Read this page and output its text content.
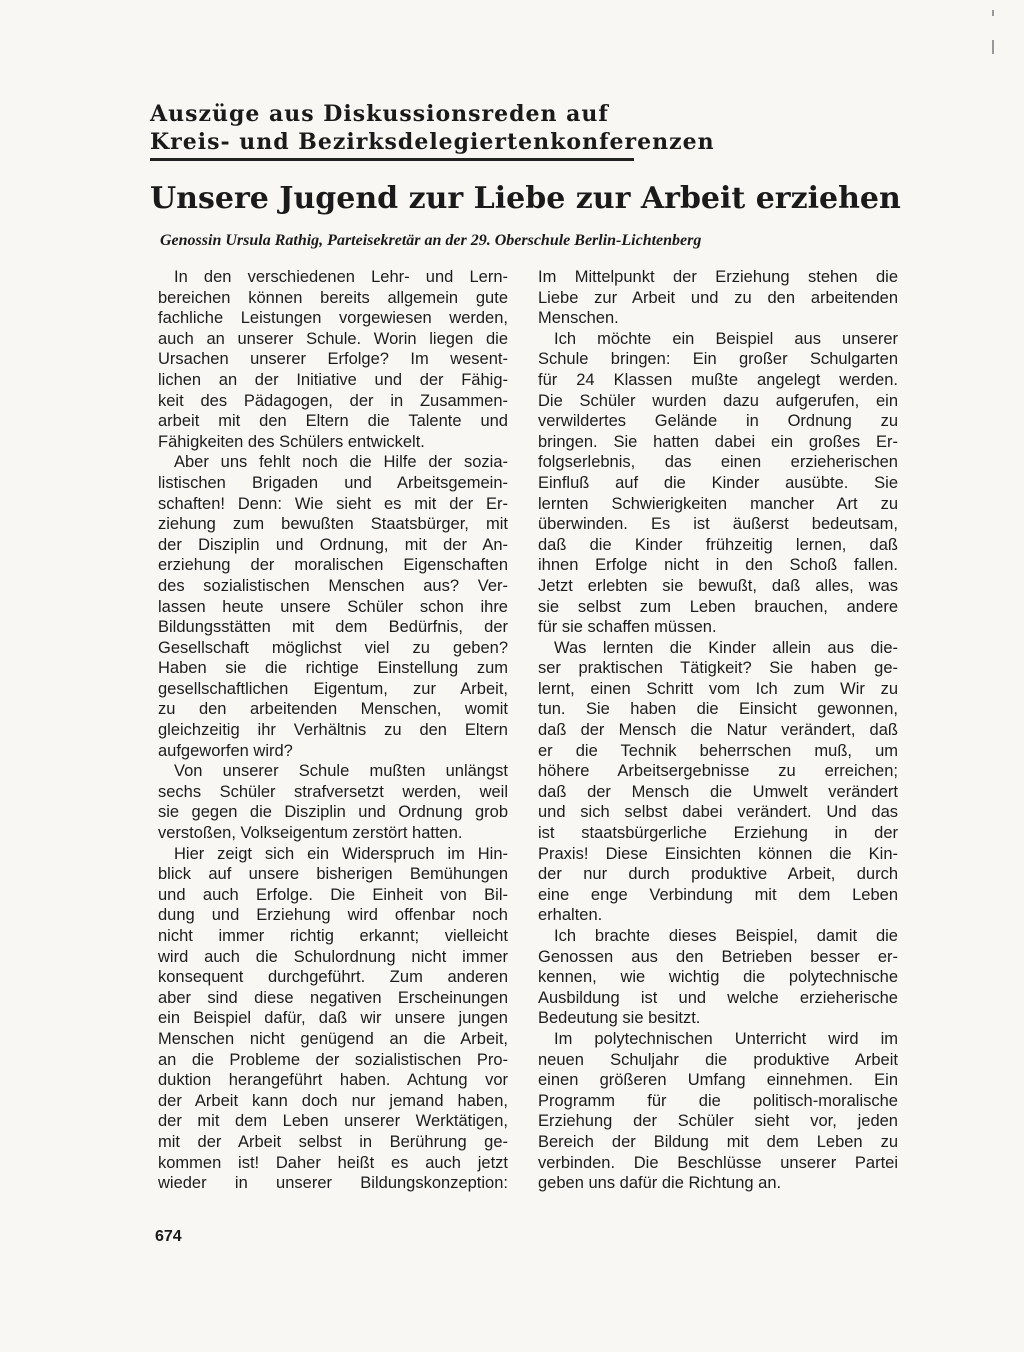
Auszüge aus Diskussionsreden auf
Kreis- und Bezirksdelegiertenkonferenzen
Unsere Jugend zur Liebe zur Arbeit erziehen
Genossin Ursula Rathig, Parteisekretär an der 29. Oberschule Berlin-Lichtenberg
In den verschiedenen Lehr- und Lern-
bereichen können bereits allgemein gute
fachliche Leistungen vorgewiesen werden,
auch an unserer Schule. Worin liegen die
Ursachen unserer Erfolge? Im wesent-
lichen an der Initiative und der Fähig-
keit des Pädagogen, der in Zusammen-
arbeit mit den Eltern die Talente und
Fähigkeiten des Schülers entwickelt.
Aber uns fehlt noch die Hilfe der sozia-
listischen Brigaden und Arbeitsgemein-
schaften! Denn: Wie sieht es mit der Er-
ziehung zum bewußten Staatsbürger, mit
der Disziplin und Ordnung, mit der An-
erziehung der moralischen Eigenschaften
des sozialistischen Menschen aus? Ver-
lassen heute unsere Schüler schon ihre
Bildungsstätten mit dem Bedürfnis, der
Gesellschaft möglichst viel zu geben?
Haben sie die richtige Einstellung zum
gesellschaftlichen Eigentum, zur Arbeit,
zu den arbeitenden Menschen, womit
gleichzeitig ihr Verhältnis zu den Eltern
aufgeworfen wird?
Von unserer Schule mußten unlängst
sechs Schüler strafversetzt werden, weil
sie gegen die Disziplin und Ordnung grob
verstoßen, Volkseigentum zerstört hatten.
Hier zeigt sich ein Widerspruch im Hin-
blick auf unsere bisherigen Bemühungen
und auch Erfolge. Die Einheit von Bil-
dung und Erziehung wird offenbar noch
nicht immer richtig erkannt; vielleicht
wird auch die Schulordnung nicht immer
konsequent durchgeführt. Zum anderen
aber sind diese negativen Erscheinungen
ein Beispiel dafür, daß wir unsere jungen
Menschen nicht genügend an die Arbeit,
an die Probleme der sozialistischen Pro-
duktion herangeführt haben. Achtung vor
der Arbeit kann doch nur jemand haben,
der mit dem Leben unserer Werktätigen,
mit der Arbeit selbst in Berührung ge-
kommen ist! Daher heißt es auch jetzt
wieder in unserer Bildungskonzeption:
Im Mittelpunkt der Erziehung stehen die
Liebe zur Arbeit und zu den arbeitenden
Menschen.
Ich möchte ein Beispiel aus unserer
Schule bringen: Ein großer Schulgarten
für 24 Klassen mußte angelegt werden.
Die Schüler wurden dazu aufgerufen, ein
verwildertes Gelände in Ordnung zu
bringen. Sie hatten dabei ein großes Er-
folgserlebnis, das einen erzieherischen
Einfluß auf die Kinder ausübte. Sie
lernten Schwierigkeiten mancher Art zu
überwinden. Es ist äußerst bedeutsam,
daß die Kinder frühzeitig lernen, daß
ihnen Erfolge nicht in den Schoß fallen.
Jetzt erlebten sie bewußt, daß alles, was
sie selbst zum Leben brauchen, andere
für sie schaffen müssen.
Was lernten die Kinder allein aus die-
ser praktischen Tätigkeit? Sie haben ge-
lernt, einen Schritt vom Ich zum Wir zu
tun. Sie haben die Einsicht gewonnen,
daß der Mensch die Natur verändert, daß
er die Technik beherrschen muß, um
höhere Arbeitsergebnisse zu erreichen;
daß der Mensch die Umwelt verändert
und sich selbst dabei verändert. Und das
ist staatsbürgerliche Erziehung in der
Praxis! Diese Einsichten können die Kin-
der nur durch produktive Arbeit, durch
eine enge Verbindung mit dem Leben
erhalten.
Ich brachte dieses Beispiel, damit die
Genossen aus den Betrieben besser er-
kennen, wie wichtig die polytechnische
Ausbildung ist und welche erzieherische
Bedeutung sie besitzt.
Im polytechnischen Unterricht wird im
neuen Schuljahr die produktive Arbeit
einen größeren Umfang einnehmen. Ein
Programm für die politisch-moralische
Erziehung der Schüler sieht vor, jeden
Bereich der Bildung mit dem Leben zu
verbinden. Die Beschlüsse unserer Partei
geben uns dafür die Richtung an.
674
